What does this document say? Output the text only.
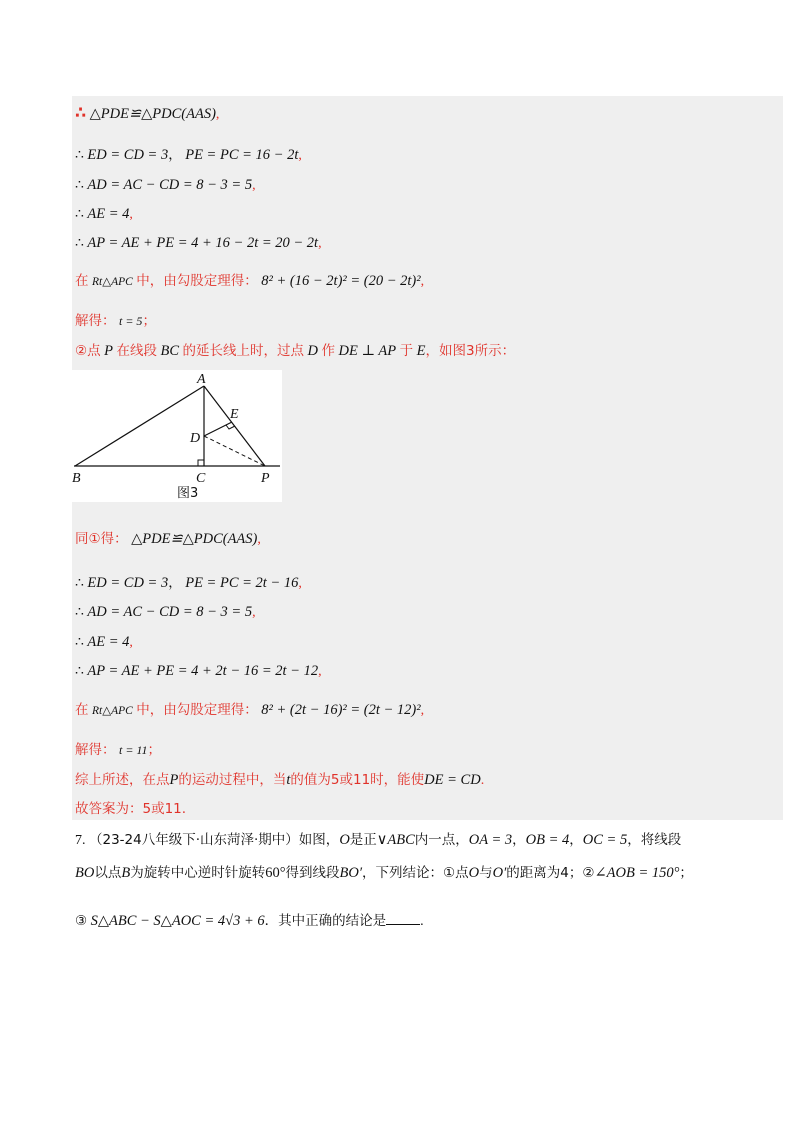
∴ △PDE≌△PDC(AAS),
∴ ED = CD = 3， PE = PC = 16 − 2t,
∴ AD = AC − CD = 8 − 3 = 5,
∴ AE = 4,
∴ AP = AE + PE = 4 + 16 − 2t = 20 − 2t,
在 Rt△APC 中，由勾股定理得： 8² + (16 − 2t)² = (20 − 2t)²,
解得： t = 5；
②点 P 在线段 BC 的延长线上时，过点 D 作 DE ⊥ AP 于 E，如图3所示：
A
B	C
D
E
P
图3
同①得： △PDE≌△PDC(AAS),
∴ ED = CD = 3， PE = PC = 2t − 16,
∴ AD = AC − CD = 8 − 3 = 5,
∴ AE = 4,
∴ AP = AE + PE = 4 + 2t − 16 = 2t − 12,
在 Rt△APC 中，由勾股定理得： 8² + (2t − 16)² = (2t − 12)²,
解得： t = 11；
综上所述，在点P的运动过程中，当t的值为5或11时，能使DE = CD.
故答案为：5或11.
7. （23-24八年级下·山东菏泽·期中）如图，O是正∨ABC内一点，OA = 3，OB = 4，OC = 5，将线段
BO以点B为旋转中心逆时针旋转60°得到线段BO′，下列结论：①点O与O′的距离为4；②∠AOB = 150°；
③ S△ABC − S△AOC = 4√3 + 6．其中正确的结论是 .
